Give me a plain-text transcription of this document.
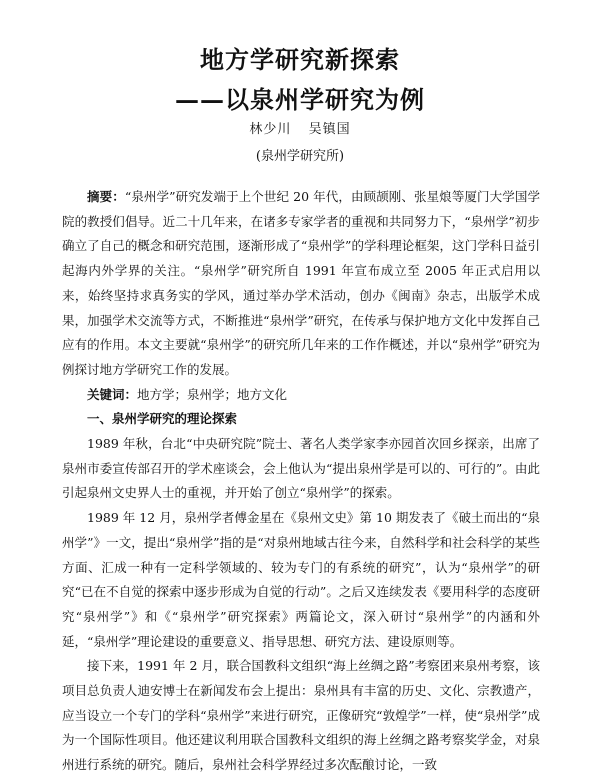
地方学研究新探索
——以泉州学研究为例
林少川 吴镇国
(泉州学研究所)

摘要：“泉州学”研究发端于上个世纪 20 年代，由顾颉刚、张星烺等厦门大学国学院的教授们倡导。近二十几年来，在诸多专家学者的重视和共同努力下，“泉州学”初步确立了自己的概念和研究范围，逐渐形成了“泉州学”的学科理论框架，这门学科日益引起海内外学界的关注。“泉州学”研究所自 1991 年宣布成立至 2005 年正式启用以来，始终坚持求真务实的学风，通过举办学术活动，创办《闽南》杂志，出版学术成果，加强学术交流等方式，不断推进“泉州学”研究，在传承与保护地方文化中发挥自己应有的作用。本文主要就“泉州学”的研究所几年来的工作作概述，并以“泉州学”研究为例探讨地方学研究工作的发展。

关键词：地方学；泉州学；地方文化

一、泉州学研究的理论探索

1989 年秋，台北“中央研究院”院士、著名人类学家李亦园首次回乡探亲，出席了泉州市委宣传部召开的学术座谈会，会上他认为“提出泉州学是可以的、可行的”。由此引起泉州文史界人士的重视，并开始了创立“泉州学”的探索。

1989 年 12 月，泉州学者傅金星在《泉州文史》第 10 期发表了《破土而出的“泉州学”》一文，提出“泉州学”指的是“对泉州地域古往今来，自然科学和社会科学的某些方面、汇成一种有一定科学领域的、较为专门的有系统的研究”，认为“泉州学”的研究“已在不自觉的探索中逐步形成为自觉的行动”。之后又连续发表《要用科学的态度研究“泉州学”》和《“泉州学”研究探索》两篇论文，深入研讨“泉州学”的内涵和外延，“泉州学”理论建设的重要意义、指导思想、研究方法、建设原则等。

接下来，1991 年 2 月，联合国教科文组织“海上丝绸之路”考察团来泉州考察，该项目总负责人迪安博士在新闻发布会上提出：泉州具有丰富的历史、文化、宗教遗产，应当设立一个专门的学科“泉州学”来进行研究，正像研究“敦煌学”一样，使“泉州学”成为一个国际性项目。他还建议利用联合国教科文组织的海上丝绸之路考察奖学金，对泉州进行系统的研究。随后，泉州社会科学界经过多次酝酿讨论，一致
